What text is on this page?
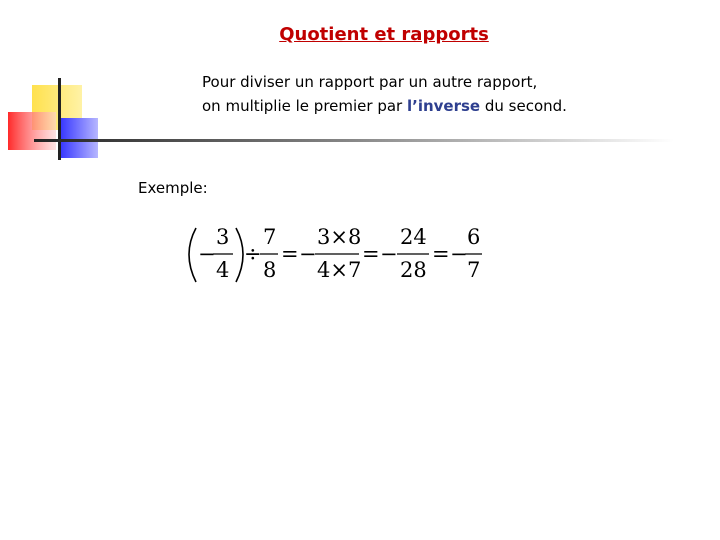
Quotient et rapports
Pour diviser un rapport par un autre rapport,
on multiplie le premier par l’inverse du second.
Exemple:
−
3
4
÷
7
8
= −
3×8
4×7
= −
24
28
= −
6
7
